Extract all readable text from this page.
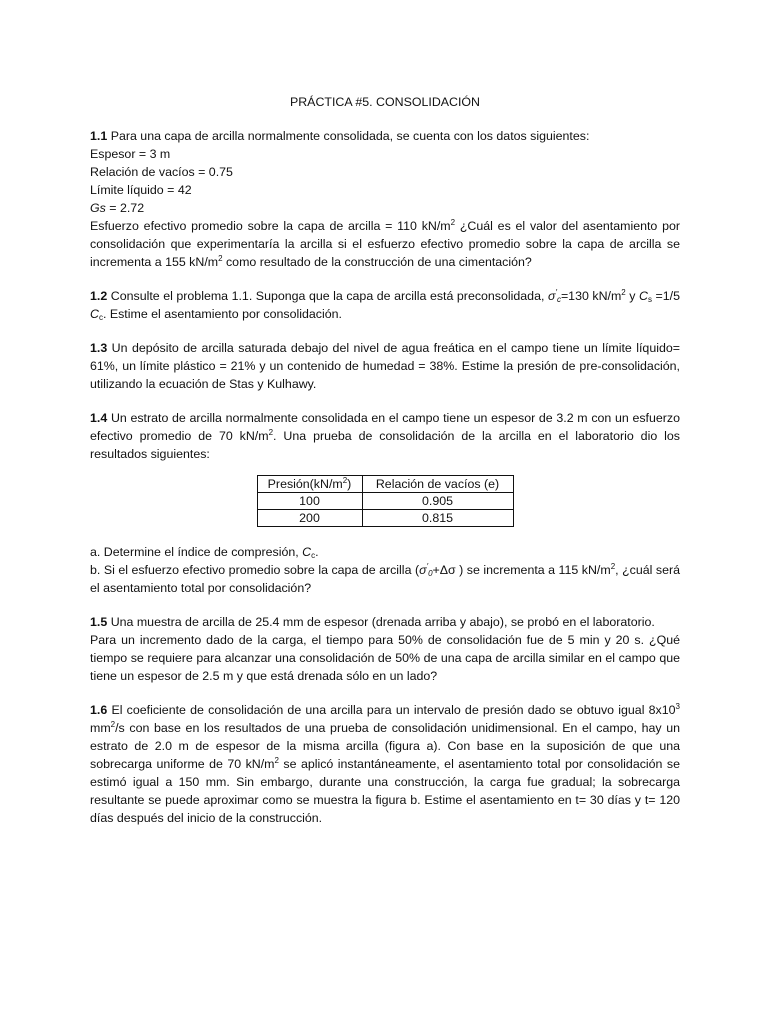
PRÁCTICA #5. CONSOLIDACIÓN

1.1 Para una capa de arcilla normalmente consolidada, se cuenta con los datos siguientes:

Espesor = 3 m

Relación de vacíos = 0.75

Límite líquido = 42

Gs = 2.72

Esfuerzo efectivo promedio sobre la capa de arcilla = 110 $kN/m^2$ ¿Cuál es el valor del asentamiento por consolidación que experimentaría la arcilla si el esfuerzo efectivo promedio sobre la capa de arcilla se incrementa a 155 $kN/m^2$ como resultado de la construcción de una cimentación?

1.2 Consulte el problema 1.1. Suponga que la capa de arcilla está preconsolidada, $\sigma'_c=130$ $kN/m^2$ y $C_s =1/5$ $C_c$. Estime el asentamiento por consolidación.

1.3 Un depósito de arcilla saturada debajo del nivel de agua freática en el campo tiene un límite líquido= 61%, un límite plástico = 21% y un contenido de humedad = 38%. Estime la presión de pre-consolidación, utilizando la ecuación de Stas y Kulhawy.

1.4 Un estrato de arcilla normalmente consolidada en el campo tiene un espesor de 3.2 m con un esfuerzo efectivo promedio de 70 $kN/m^2$. Una prueba de consolidación de la arcilla en el laboratorio dio los resultados siguientes:

$Presión(kN/m^2)$	Relación de vacíos (e)
100	0.905
200	0.815

a. Determine el índice de compresión, $C_c$.

b. Si el esfuerzo efectivo promedio sobre la capa de arcilla ($\sigma'_0+\Delta\sigma$ ) se incrementa a 115 $kN/m^2$, ¿cuál será el asentamiento total por consolidación?

1.5 Una muestra de arcilla de 25.4 mm de espesor (drenada arriba y abajo), se probó en el laboratorio.

Para un incremento dado de la carga, el tiempo para 50% de consolidación fue de 5 min y 20 s. ¿Qué tiempo se requiere para alcanzar una consolidación de 50% de una capa de arcilla similar en el campo que tiene un espesor de 2.5 m y que está drenada sólo en un lado?

1.6 El coeficiente de consolidación de una arcilla para un intervalo de presión dado se obtuvo igual $8x10^3$ $mm^2/s$ con base en los resultados de una prueba de consolidación unidimensional. En el campo, hay un estrato de 2.0 m de espesor de la misma arcilla (figura a). Con base en la suposición de que una sobrecarga uniforme de 70 $kN/m^2$ se aplicó instantáneamente, el asentamiento total por consolidación se estimó igual a 150 mm. Sin embargo, durante una construcción, la carga fue gradual; la sobrecarga resultante se puede aproximar como se muestra la figura b. Estime el asentamiento en t= 30 días y t= 120 días después del inicio de la construcción.
